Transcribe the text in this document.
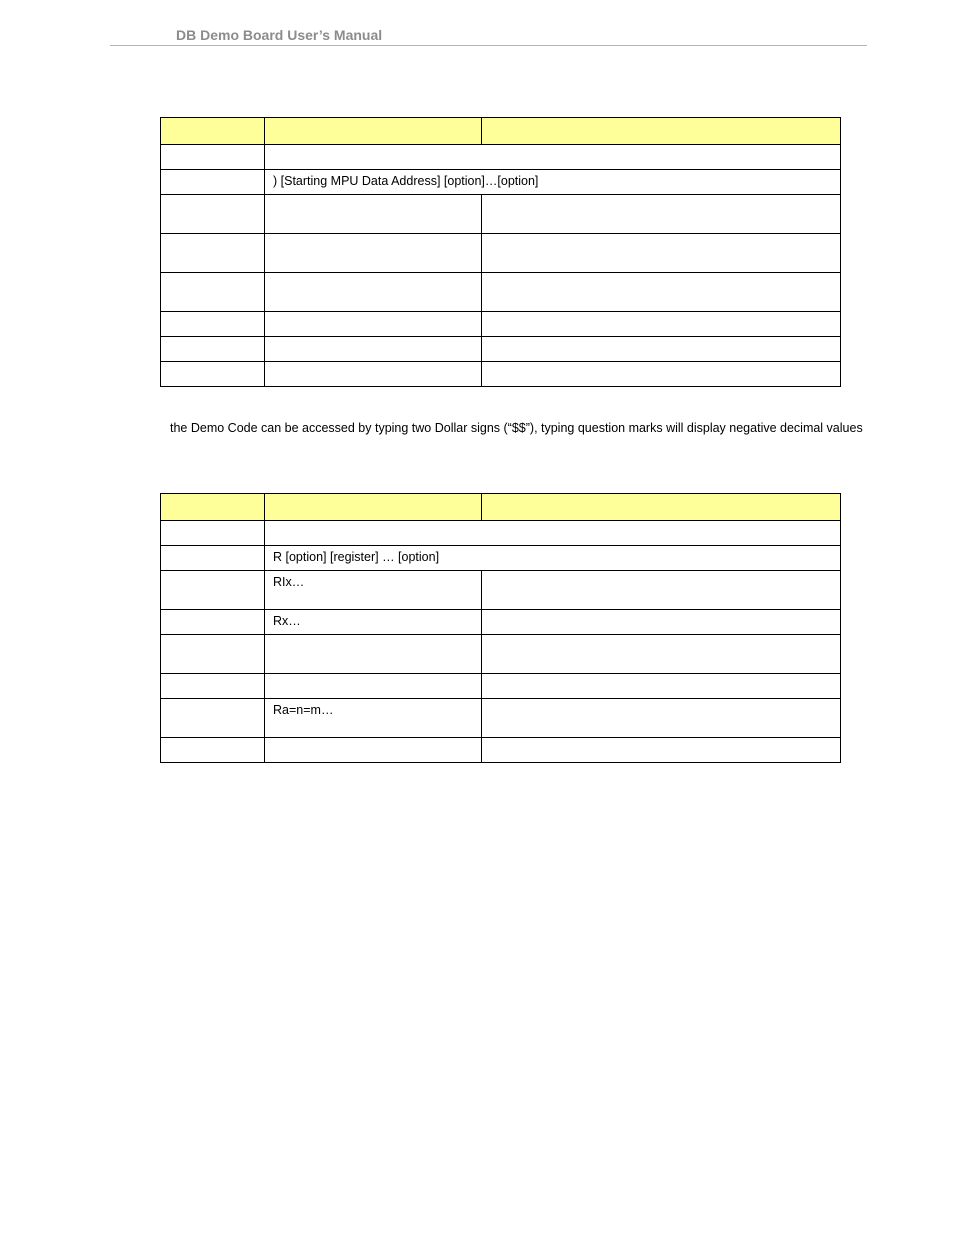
DB Demo Board User’s Manual

	) [Starting MPU Data Address] [option]…[option]	

the Demo Code can be accessed by typing two Dollar signs (“$$”), typing question marks will display negative decimal values

	R [option] [register] … [option]	
	RIx…	
	Rx…	

	Ra=n=m…	
